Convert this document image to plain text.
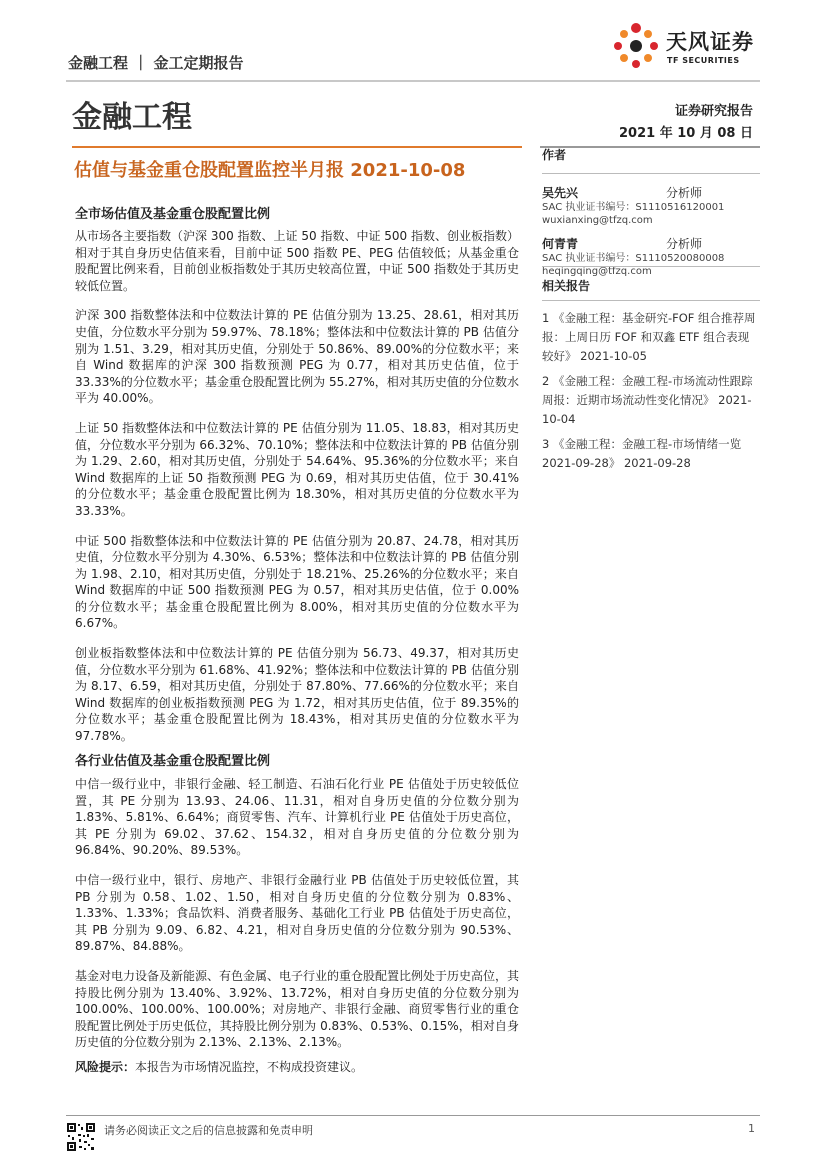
金融工程 ｜ 金工定期报告
天风证券
TF SECURITIES
金融工程	证券研究报告
2021 年 10 月 08 日
估值与基金重仓股配置监控半月报 2021-10-08
全市场估值及基金重仓股配置比例

从市场各主要指数（沪深 300 指数、上证 50 指数、中证 500 指数、创业板指数）相对于其自身历史估值来看，目前中证 500 指数 PE、PEG 估值较低；从基金重仓股配置比例来看，目前创业板指数处于其历史较高位置，中证 500 指数处于其历史较低位置。

沪深 300 指数整体法和中位数法计算的 PE 估值分别为 13.25、28.61，相对其历史值，分位数水平分别为 59.97%、78.18%；整体法和中位数法计算的 PB 估值分别为 1.51、3.29，相对其历史值，分别处于 50.86%、89.00%的分位数水平；来自 Wind 数据库的沪深 300 指数预测 PEG 为 0.77，相对其历史估值，位于 33.33%的分位数水平；基金重仓股配置比例为 55.27%，相对其历史值的分位数水平为 40.00%。

上证 50 指数整体法和中位数法计算的 PE 估值分别为 11.05、18.83，相对其历史值，分位数水平分别为 66.32%、70.10%；整体法和中位数法计算的 PB 估值分别为 1.29、2.60，相对其历史值，分别处于 54.64%、95.36%的分位数水平；来自 Wind 数据库的上证 50 指数预测 PEG 为 0.69，相对其历史估值，位于 30.41%的分位数水平；基金重仓股配置比例为 18.30%，相对其历史值的分位数水平为 33.33%。

中证 500 指数整体法和中位数法计算的 PE 估值分别为 20.87、24.78，相对其历史值，分位数水平分别为 4.30%、6.53%；整体法和中位数法计算的 PB 估值分别为 1.98、2.10，相对其历史值，分别处于 18.21%、25.26%的分位数水平；来自 Wind 数据库的中证 500 指数预测 PEG 为 0.57，相对其历史估值，位于 0.00%的分位数水平；基金重仓股配置比例为 8.00%，相对其历史值的分位数水平为 6.67%。

创业板指数整体法和中位数法计算的 PE 估值分别为 56.73、49.37，相对其历史值，分位数水平分别为 61.68%、41.92%；整体法和中位数法计算的 PB 估值分别为 8.17、6.59，相对其历史值，分别处于 87.80%、77.66%的分位数水平；来自 Wind 数据库的创业板指数预测 PEG 为 1.72，相对其历史估值，位于 89.35%的分位数水平；基金重仓股配置比例为 18.43%，相对其历史值的分位数水平为 97.78%。

各行业估值及基金重仓股配置比例

中信一级行业中，非银行金融、轻工制造、石油石化行业 PE 估值处于历史较低位置，其 PE 分别为 13.93、24.06、11.31，相对自身历史值的分位数分别为 1.83%、5.81%、6.64%；商贸零售、汽车、计算机行业 PE 估值处于历史高位，其 PE 分别为 69.02、37.62、154.32，相对自身历史值的分位数分别为 96.84%、90.20%、89.53%。

中信一级行业中，银行、房地产、非银行金融行业 PB 估值处于历史较低位置，其 PB 分别为 0.58、1.02、1.50，相对自身历史值的分位数分别为 0.83%、1.33%、1.33%；食品饮料、消费者服务、基础化工行业 PB 估值处于历史高位，其 PB 分别为 9.09、6.82、4.21，相对自身历史值的分位数分别为 90.53%、89.87%、84.88%。

基金对电力设备及新能源、有色金属、电子行业的重仓股配置比例处于历史高位，其持股比例分别为 13.40%、3.92%、13.72%，相对自身历史值的分位数分别为 100.00%、100.00%、100.00%；对房地产、非银行金融、商贸零售行业的重仓股配置比例处于历史低位，其持股比例分别为 0.83%、0.53%、0.15%，相对自身历史值的分位数分别为 2.13%、2.13%、2.13%。

风险提示：本报告为市场情况监控，不构成投资建议。
作者
吴先兴	分析师
SAC 执业证书编号：S1110516120001
wuxianxing@tfzq.com
何青青	分析师
SAC 执业证书编号：S1110520080008
heqingqing@tfzq.com
相关报告
1 《金融工程：基金研究-FOF 组合推荐周报：上周日历 FOF 和双鑫 ETF 组合表现较好》 2021-10-05
2 《金融工程：金融工程-市场流动性跟踪周报：近期市场流动性变化情况》 2021-10-04
3 《金融工程：金融工程-市场情绪一览 2021-09-28》 2021-09-28
请务必阅读正文之后的信息披露和免责申明	1
